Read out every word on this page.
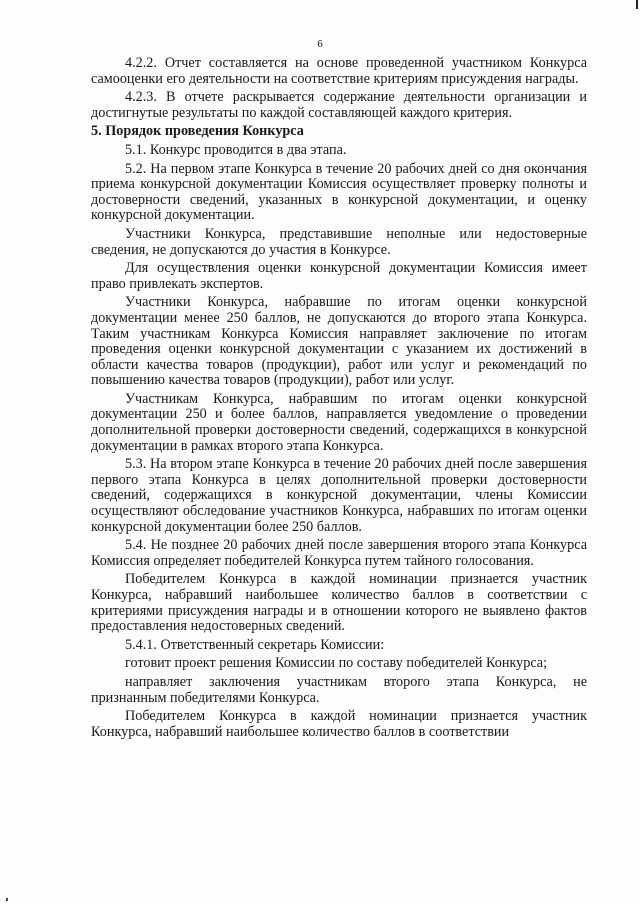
6

4.2.2. Отчет составляется на основе проведенной участником Конкурса самооценки его деятельности на соответствие критериям присуждения награды.

4.2.3. В отчете раскрывается содержание деятельности организации и достигнутые результаты по каждой составляющей каждого критерия.

5. Порядок проведения Конкурса

5.1. Конкурс проводится в два этапа.

5.2. На первом этапе Конкурса в течение 20 рабочих дней со дня окончания приема конкурсной документации Комиссия осуществляет проверку полноты и достоверности сведений, указанных в конкурсной документации, и оценку конкурсной документации.

Участники Конкурса, представившие неполные или недостоверные сведения, не допускаются до участия в Конкурсе.

Для осуществления оценки конкурсной документации Комиссия имеет право привлекать экспертов.

Участники Конкурса, набравшие по итогам оценки конкурсной документации менее 250 баллов, не допускаются до второго этапа Конкурса. Таким участникам Конкурса Комиссия направляет заключение по итогам проведения оценки конкурсной документации с указанием их достижений в области качества товаров (продукции), работ или услуг и рекомендаций по повышению качества товаров (продукции), работ или услуг.

Участникам Конкурса, набравшим по итогам оценки конкурсной документации 250 и более баллов, направляется уведомление о проведении дополнительной проверки достоверности сведений, содержащихся в конкурсной документации в рамках второго этапа Конкурса.

5.3. На втором этапе Конкурса в течение 20 рабочих дней после завершения первого этапа Конкурса в целях дополнительной проверки достоверности сведений, содержащихся в конкурсной документации, члены Комиссии осуществляют обследование участников Конкурса, набравших по итогам оценки конкурсной документации более 250 баллов.

5.4. Не позднее 20 рабочих дней после завершения второго этапа Конкурса Комиссия определяет победителей Конкурса путем тайного голосования.

Победителем Конкурса в каждой номинации признается участник Конкурса, набравший наибольшее количество баллов в соответствии с критериями присуждения награды и в отношении которого не выявлено фактов предоставления недостоверных сведений.

5.4.1. Ответственный секретарь Комиссии:

готовит проект решения Комиссии по составу победителей Конкурса;

направляет заключения участникам второго этапа Конкурса, не признанным победителями Конкурса.

Победителем Конкурса в каждой номинации признается участник Конкурса, набравший наибольшее количество баллов в соответствии
